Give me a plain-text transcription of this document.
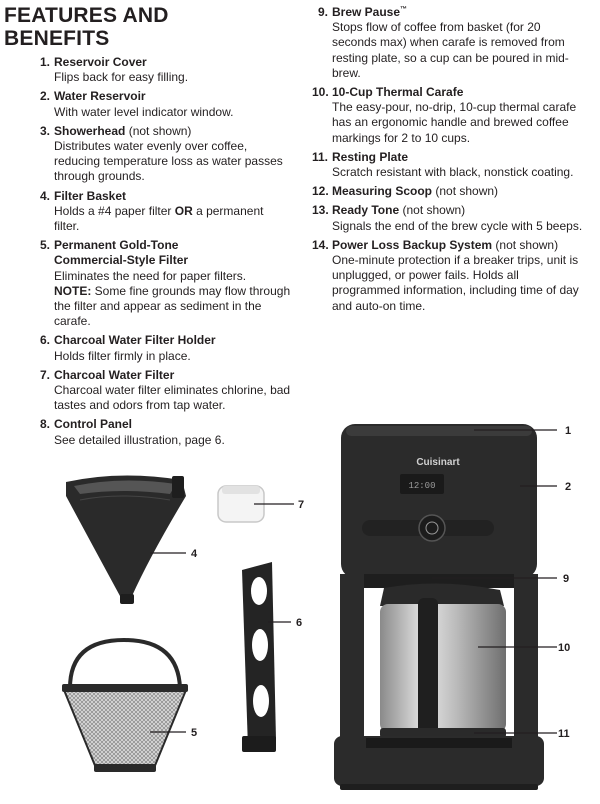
FEATURES AND
BENEFITS
1. Reservoir Cover
Flips back for easy filling.
2. Water Reservoir
With water level indicator window.
3. Showerhead (not shown)
Distributes water evenly over coffee, reducing temperature loss as water passes through grounds.
4. Filter Basket
Holds a #4 paper filter OR a permanent filter.
5. Permanent Gold-Tone
Commercial-Style Filter
Eliminates the need for paper filters.
NOTE: Some fine grounds may flow through the filter and appear as sediment in the carafe.
6. Charcoal Water Filter Holder
Holds filter firmly in place.
7. Charcoal Water Filter
Charcoal water filter eliminates chlorine, bad tastes and odors from tap water.
8. Control Panel
See detailed illustration, page 6.
9. Brew Pause™
Stops flow of coffee from basket (for 20 seconds max) when carafe is removed from resting plate, so a cup can be poured in mid-brew.
10. 10-Cup Thermal Carafe
The easy-pour, no-drip, 10-cup thermal carafe has an ergonomic handle and brewed coffee markings for 2 to 10 cups.
11. Resting Plate
Scratch resistant with black, nonstick coating.
12. Measuring Scoop (not shown)
13. Ready Tone (not shown)
Signals the end of the brew cycle with 5 beeps.
14. Power Loss Backup System (not shown)
One-minute protection if a breaker trips, unit is unplugged, or power fails. Holds all programmed information, including time of day and auto-on time.
Cuisinart
12:00
1
2
4
5
6
7
9
10
11
